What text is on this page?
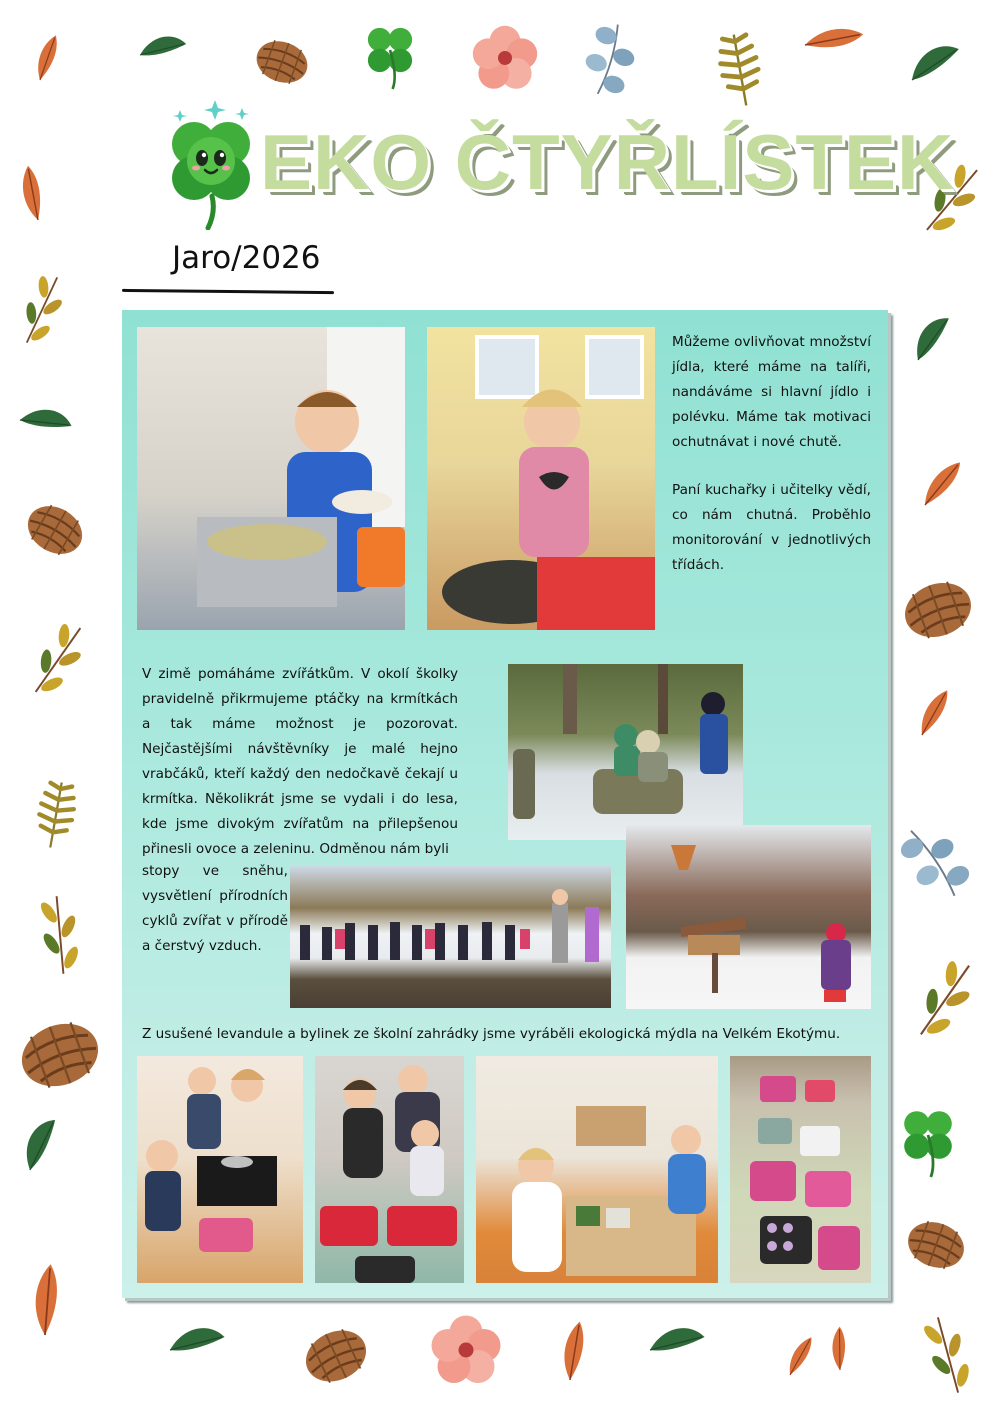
EKO ČTYŘLÍSTEK
Jaro/2026

Můžeme ovlivňovat množství jídla, které máme na talíři, nandáváme si hlavní jídlo i polévku. Máme tak motivaci ochutnávat i nové chutě.

Paní kuchařky i učitelky vědí, co nám chutná. Proběhlo monitorování v jednotlivých třídách.

V zimě pomáháme zvířátkům. V okolí školky pravidelně přikrmujeme ptáčky na krmítkách a tak máme možnost je pozorovat. Nejčastějšími návštěvníky je malé hejno vrabčáků, kteří každý den nedočkavě čekají u krmítka. Několikrát jsme se vydali i do lesa, kde jsme divokým zvířatům na přilepšenou přinesli ovoce a zeleninu. Odměnou nám byli

stopy ve sněhu, vysvětlení přírodních cyklů zvířat v přírodě a čerstvý vzduch.

Z usušené levandule a bylinek ze školní zahrádky jsme vyráběli ekologická mýdla na Velkém Ekotýmu.
